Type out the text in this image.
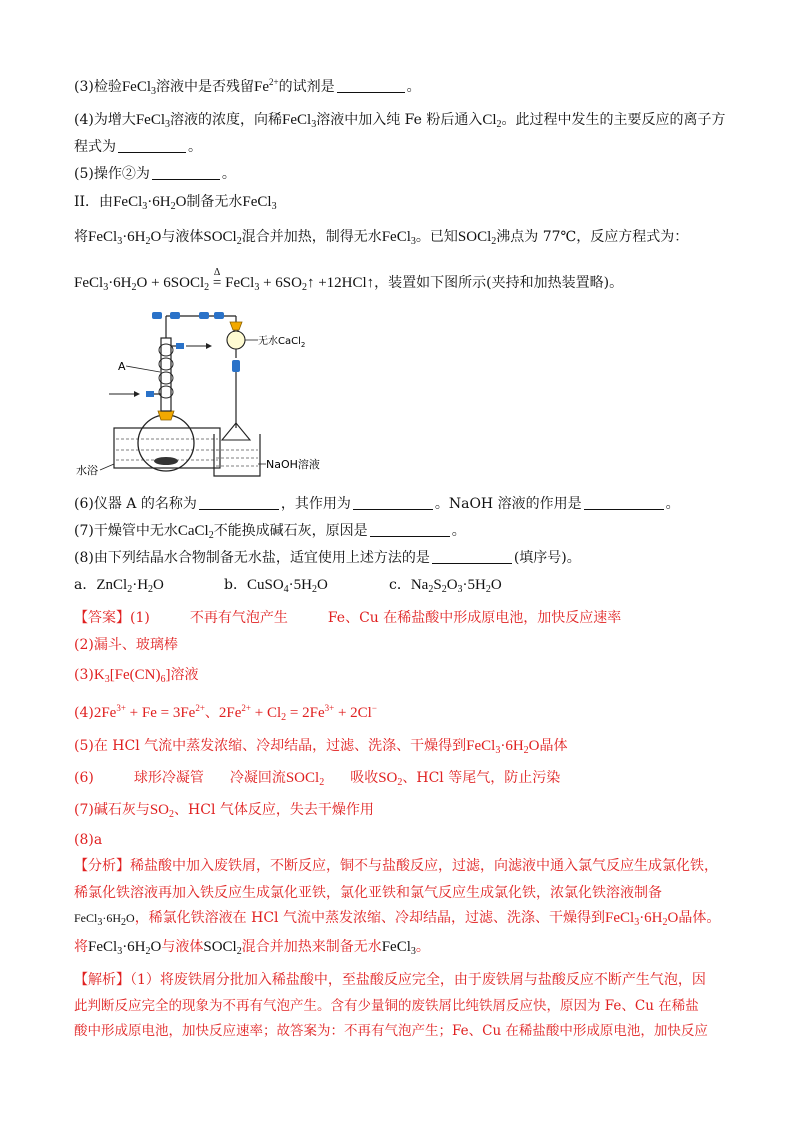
(3)检验FeCl$_3$溶液中是否残留$Fe^{2+}$的试剂是	。
(4)为增大FeCl$_3$溶液的浓度，向稀FeCl$_3$溶液中加入纯 Fe 粉后通入$Cl_2$。此过程中发生的主要反应的离子方
程式为	。
(5)操作②为	。
II．由$FeCl_3\cdot 6H_2O$制备无水FeCl$_3$
将$FeCl_3\cdot 6H_2O$与液体SOCl$_2$混合并加热，制得无水FeCl$_3$。已知SOCl$_2$沸点为 77℃，反应方程式为：
$FeCl_3\cdot 6H_2O$ + 6SOCl$_2$ Δ
= FeCl$_3$ + $6SO_2↑$ +12HCl↑，装置如下图所示(夹持和加热装置略)。
A
无水CaCl$_2$
NaOH溶液
水浴
(6)仪器 A 的名称为	，其作用为	。NaOH 溶液的作用是	。
(7)干燥管中无水CaCl$_2$不能换成碱石灰，原因是	。
(8)由下列结晶水合物制备无水盐，适宜使用上述方法的是	(填序号)。
a．$ZnCl_2\cdot H_2O$	b．$CuSO_4\cdot 5H_2O$	c．$Na_2S_2O_3\cdot 5H_2O$
【答案】(1)	不再有气泡产生	Fe、Cu 在稀盐酸中形成原电池，加快反应速率
(2)漏斗、玻璃棒
$(3)K_3[Fe(CN)_6]$溶液
$(4)2Fe^{3+} + Fe = 3Fe^{2+}$、$2Fe^{2+} + Cl_2 = 2Fe^{3+} + 2Cl^-$
(5)在 HCl 气流中蒸发浓缩、冷却结晶，过滤、洗涤、干燥得到$FeCl_3\cdot 6H_2O$晶体
(6)	球形冷凝管 冷凝回流SOCl$_2$ 吸收$SO_2$、HCl 等尾气，防止污染
(7)碱石灰与$SO_2$、HCl 气体反应，失去干燥作用
(8)a
【分析】稀盐酸中加入废铁屑，不断反应，铜不与盐酸反应，过滤，向滤液中通入氯气反应生成氯化铁，
稀氯化铁溶液再加入铁反应生成氯化亚铁，氯化亚铁和氯气反应生成氯化铁，浓氯化铁溶液制备
$FeCl_3\cdot 6H_2O$，稀氯化铁溶液在 HCl 气流中蒸发浓缩、冷却结晶，过滤、洗涤、干燥得到$FeCl_3\cdot 6H_2O$晶体。
将$FeCl_3\cdot 6H_2O$与液体SOCl$_2$混合并加热来制备无水FeCl$_3$。
【解析】（1）将废铁屑分批加入稀盐酸中，至盐酸反应完全，由于废铁屑与盐酸反应不断产生气泡，因
此判断反应完全的现象为不再有气泡产生。含有少量铜的废铁屑比纯铁屑反应快，原因为 Fe、Cu 在稀盐
酸中形成原电池，加快反应速率；故答案为：不再有气泡产生；Fe、Cu 在稀盐酸中形成原电池，加快反应
